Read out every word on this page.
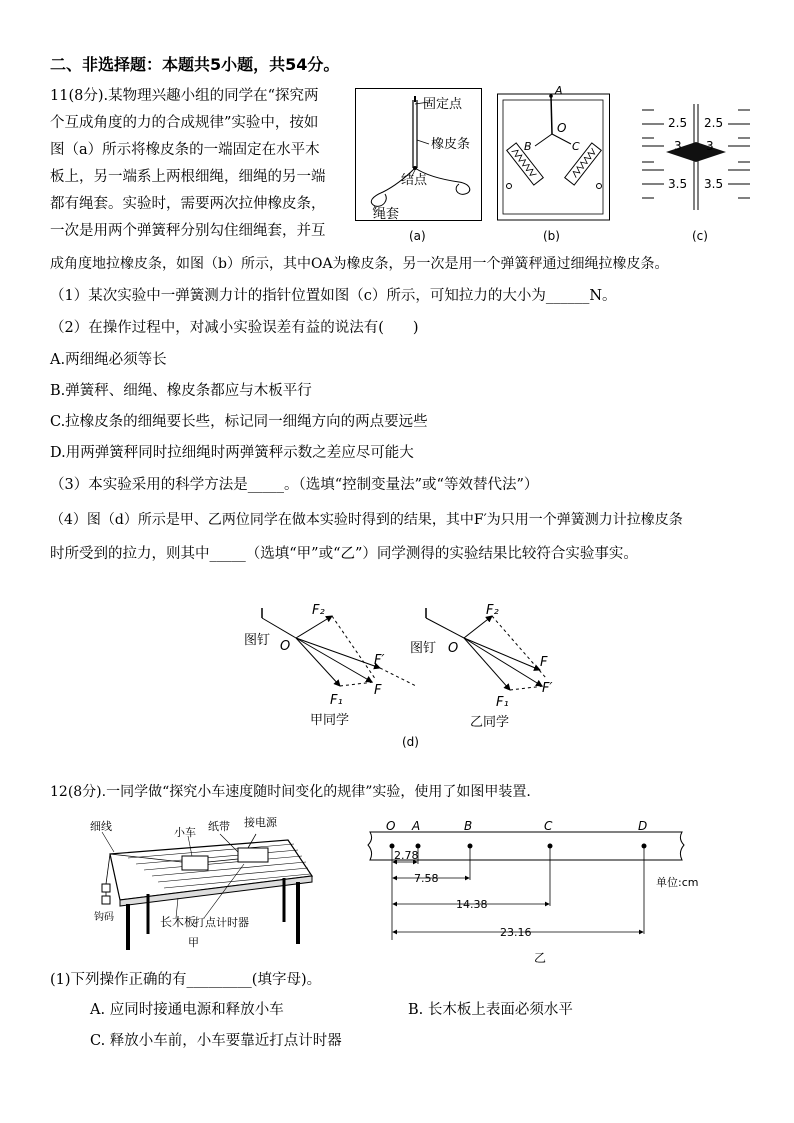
二、非选择题：本题共5小题，共54分。
11(8分).某物理兴趣小组的同学在“探究两
个互成角度的力的合成规律”实验中，按如
图（a）所示将橡皮条的一端固定在水平木
板上，另一端系上两根细绳，细绳的另一端
都有绳套。实验时，需要两次拉伸橡皮条，
一次是用两个弹簧秤分别勾住细绳套，并互
成角度地拉橡皮条，如图（b）所示，其中OA为橡皮条，另一次是用一个弹簧秤通过细绳拉橡皮条。
（1）某次实验中一弹簧测力计的指针位置如图（c）所示，可知拉力的大小为______N。
（2）在操作过程中，对减小实验误差有益的说法有(　　)
A.两细绳必须等长
B.弹簧秤、细绳、橡皮条都应与木板平行
C.拉橡皮条的细绳要长些，标记同一细绳方向的两点要远些
D.用两弹簧秤同时拉细绳时两弹簧秤示数之差应尽可能大
（3）本实验采用的科学方法是_____。（选填“控制变量法”或“等效替代法”）
（4）图（d）所示是甲、乙两位同学在做本实验时得到的结果，其中F′为只用一个弹簧测力计拉橡皮条
时所受到的拉力，则其中_____（选填“甲”或“乙”）同学测得的实验结果比较符合实验事实。
固定点
橡皮条
结点
绳套
(a)
A
O
B	C
(b)
2.5
3
3.5
2.5
3
3.5
(c)
图钉 O
F₂
F′
F
F₁
甲同学
图钉 O
F₂
F
F′
F₁
乙同学
(d)
12(8分).一同学做“探究小车速度随时间变化的规律”实验，使用了如图甲装置.
细线	小车 纸带 接电源
长木板
打点计时器
钩码
甲
O A	B	C	D
2.78
7.58
14.38
23.16
单位:cm
乙
(1)下列操作正确的有_________(填字母)。
A. 应同时接通电源和释放小车	B. 长木板上表面必须水平
C. 释放小车前，小车要靠近打点计时器
